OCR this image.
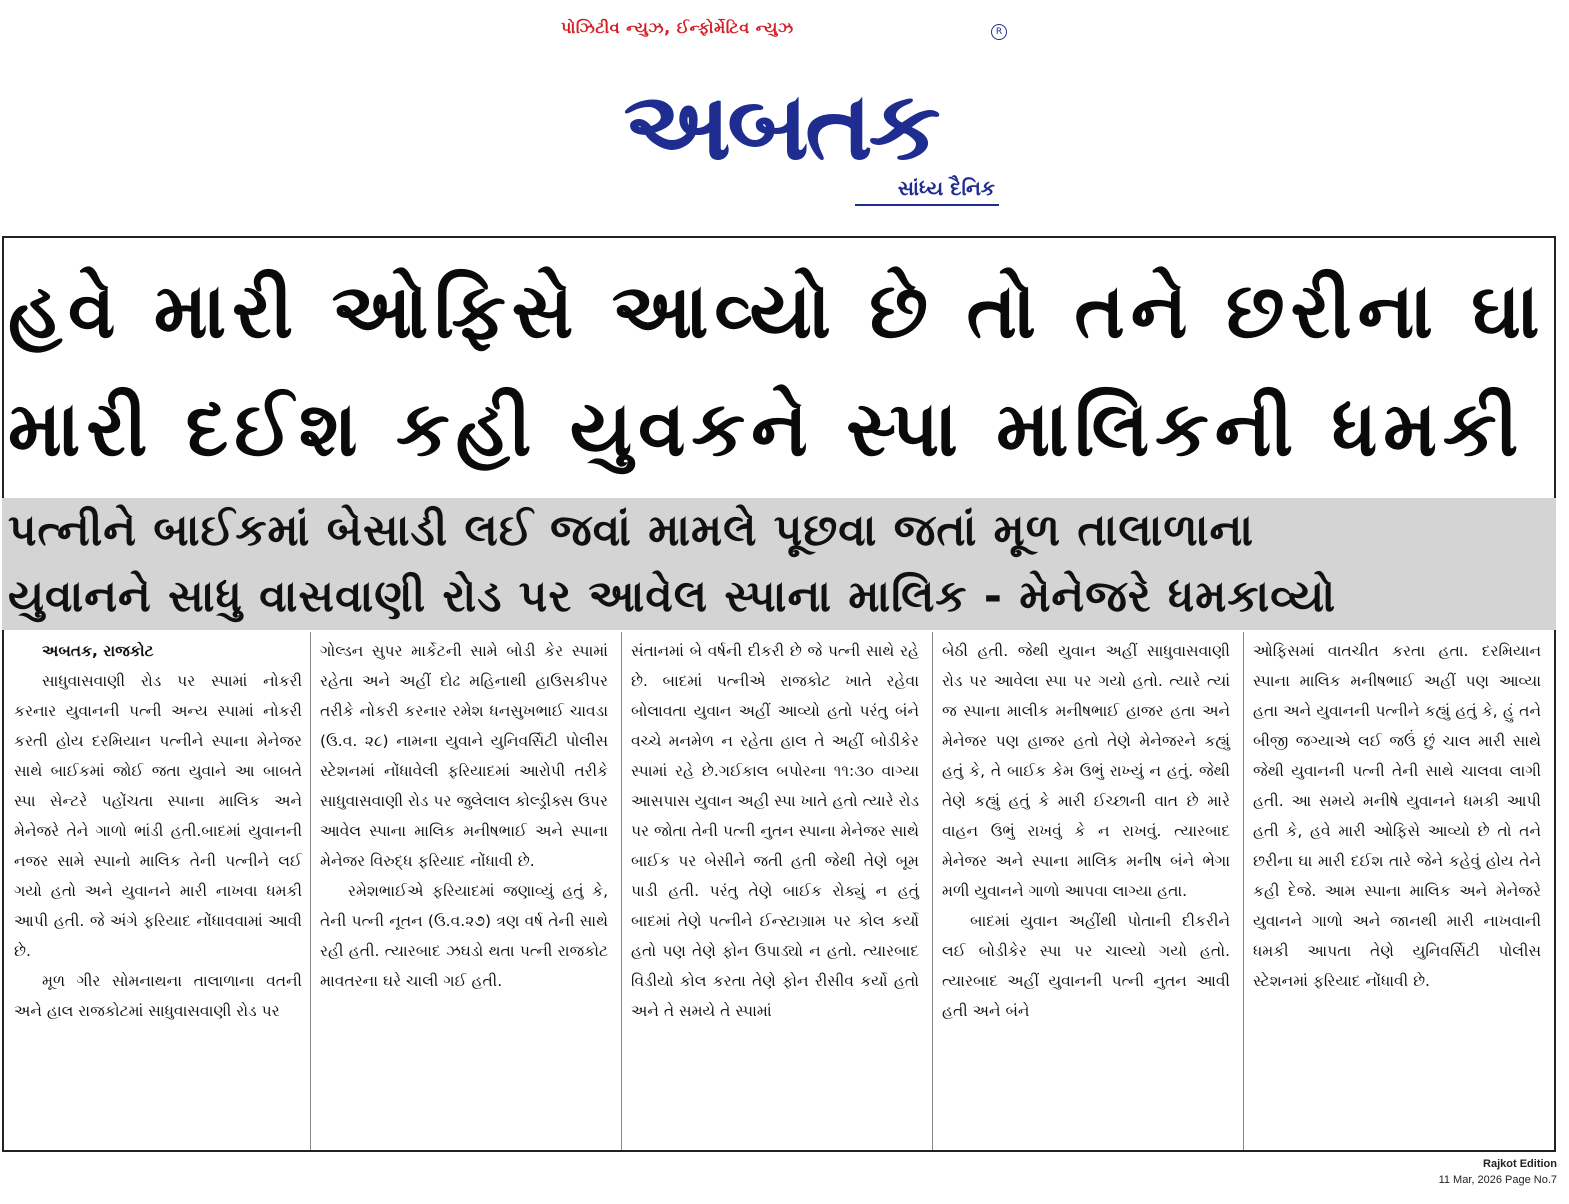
પોઝિટીવ ન્યુઝ, ઈન્ફોર્મેટિવ ન્યુઝ	R
અબતક
સાંધ્ય દૈનિક
હવે મારી ઓફિસે આવ્યો છે તો તને છરીના ઘા
મારી દઈશ કહી યુવકને સ્પા માલિકની ધમકી
પત્નીને બાઈકમાં બેસાડી લઈ જવાં મામલે પૂછવા જતાં મૂળ તાલાળાના
યુવાનને સાધુ વાસવાણી રોડ પર આવેલ સ્પાના માલિક - મેનેજરે ધમકાવ્યો

અબતક, રાજકોટ

સાધુવાસવાણી રોડ પર સ્પામાં નોકરી કરનાર યુવાનની પત્ની અન્ય સ્પામાં નોકરી કરતી હોય દરમિયાન પત્નીને સ્પાના મેનેજર સાથે બાઈકમાં જોઈ જતા યુવાને આ બાબતે સ્પા સેન્ટરે પહોંચતા સ્પાના માલિક અને મેનેજરે તેને ગાળો ભાંડી હતી.બાદમાં યુવાનની નજર સામે સ્પાનો માલિક તેની પત્નીને લઈ ગયો હતો અને યુવાનને મારી નાખવા ધમકી આપી હતી. જે અંગે ફરિયાદ નોંધાવવામાં આવી છે.

મૂળ ગીર સોમનાથના તાલાળાના વતની અને હાલ રાજકોટમાં સાધુવાસવાણી રોડ પર

ગોલ્ડન સુપર માર્કેટની સામે બોડી કેર સ્પામાં રહેતા અને અહીં દોઢ મહિનાથી હાઉસકીપર તરીકે નોકરી કરનાર રમેશ ધનસુખભાઈ ચાવડા (ઉ.વ. ૨૮) નામના યુવાને યુનિવર્સિટી પોલીસ સ્ટેશનમાં નોંધાવેલી ફરિયાદમાં આરોપી તરીકે સાધુવાસવાણી રોડ પર જુલેલાલ કોલ્ડ્રીક્સ ઉપર આવેલ સ્પાના માલિક મનીષભાઈ અને સ્પાના મેનેજર વિરુદ્ધ ફરિયાદ નોંધાવી છે.

રમેશભાઈએ ફરિયાદમાં જણાવ્યું હતું કે, તેની પત્ની નૂતન (ઉ.વ.૨૭) ત્રણ વર્ષ તેની સાથે રહી હતી. ત્યારબાદ ઝઘડો થતા પત્ની રાજકોટ માવતરના ઘરે ચાલી ગઈ હતી.

સંતાનમાં બે વર્ષની દીકરી છે જે પત્ની સાથે રહે છે. બાદમાં પત્નીએ રાજકોટ ખાતે રહેવા બોલાવતા યુવાન અહીં આવ્યો હતો પરંતુ બંને વચ્ચે મનમેળ ન રહેતા હાલ તે અહીં બોડીકેર સ્પામાં રહે છે.ગઈકાલ બપોરના ૧૧:૩૦ વાગ્યા આસપાસ યુવાન અહી સ્પા ખાતે હતો ત્યારે રોડ પર જોતા તેની પત્ની નુતન સ્પાના મેનેજર સાથે બાઈક પર બેસીને જતી હતી જેથી તેણે બૂમ પાડી હતી. પરંતુ તેણે બાઈક રોક્યું ન હતું બાદમાં તેણે પત્નીને ઈન્સ્ટાગ્રામ પર કોલ કર્યો હતો પણ તેણે ફોન ઉપાડ્યો ન હતો. ત્યારબાદ વિડીયો કોલ કરતા તેણે ફોન રીસીવ કર્યો હતો અને તે સમયે તે સ્પામાં

બેઠી હતી. જેથી યુવાન અહીં સાધુવાસવાણી રોડ પર આવેલા સ્પા પર ગયો હતો. ત્યારે ત્યાં જ સ્પાના માલીક મનીષભાઈ હાજર હતા અને મેનેજર પણ હાજર હતો તેણે મેનેજરને કહ્યું હતું કે, તે બાઈક કેમ ઉભું રાખ્યું ન હતું. જેથી તેણે કહ્યું હતું કે મારી ઈચ્છાની વાત છે મારે વાહન ઉભું રાખવું કે ન રાખવું. ત્યારબાદ મેનેજર અને સ્પાના માલિક મનીષ બંને ભેગા મળી યુવાનને ગાળો આપવા લાગ્યા હતા.

બાદમાં યુવાન અહીંથી પોતાની દીકરીને લઈ બોડીકેર સ્પા પર ચાલ્યો ગયો હતો. ત્યારબાદ અહીં યુવાનની પત્ની નુતન આવી હતી અને બંને

ઓફિસમાં વાતચીત કરતા હતા. દરમિયાન સ્પાના માલિક મનીષભાઈ અહીં પણ આવ્યા હતા અને યુવાનની પત્નીને કહ્યું હતું કે, હું તને બીજી જગ્યાએ લઈ જઉં છું ચાલ મારી સાથે જેથી યુવાનની પત્ની તેની સાથે ચાલવા લાગી હતી. આ સમયે મનીષે યુવાનને ધમકી આપી હતી કે, હવે મારી ઓફિસે આવ્યો છે તો તને છરીના ઘા મારી દઈશ તારે જેને કહેવું હોય તેને કહી દેજે. આમ સ્પાના માલિક અને મેનેજરે યુવાનને ગાળો અને જાનથી મારી નાખવાની ધમકી આપતા તેણે યુનિવર્સિટી પોલીસ સ્ટેશનમાં ફરિયાદ નોંધાવી છે.

Rajkot Edition
11 Mar, 2026 Page No.7
